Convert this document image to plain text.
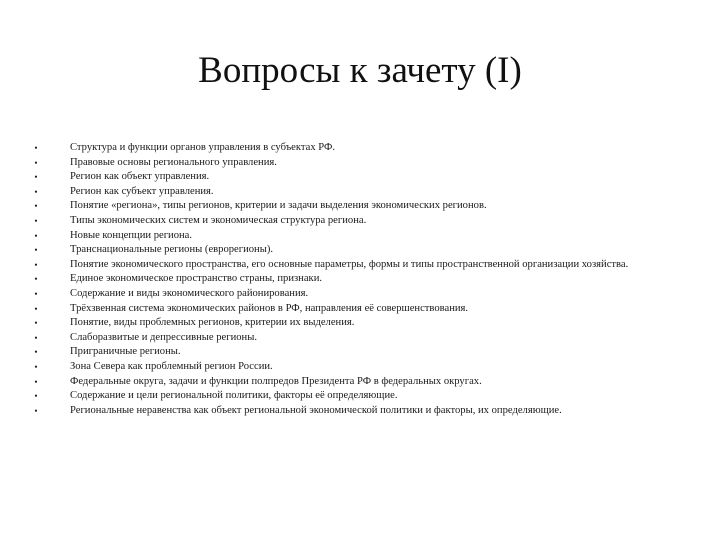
Вопросы к зачету (I)
•	Структура и функции органов управления в субъектах РФ.
•	Правовые основы регионального управления.
•	Регион как объект управления.
•	Регион как субъект управления.
•	Понятие «региона», типы регионов, критерии и задачи выделения экономических регионов.
•	Типы экономических систем и экономическая структура региона.
•	Новые концепции региона.
•	Транснациональные регионы (еврорегионы).
•	Понятие экономического пространства, его основные параметры, формы и типы пространственной организации хозяйства.
•	Единое экономическое пространство страны, признаки.
•	Содержание и виды экономического районирования.
•	Трёхзвенная система экономических районов в РФ, направления её совершенствования.
•	Понятие, виды проблемных регионов, критерии их выделения.
•	Слаборазвитые и депрессивные регионы.
•	Приграничные регионы.
•	Зона Севера как проблемный регион России.
•	Федеральные округа, задачи и функции полпредов Президента РФ в федеральных округах.
•	Содержание и цели региональной политики, факторы её определяющие.
•	Региональные неравенства как объект региональной экономической политики и факторы, их определяющие.
